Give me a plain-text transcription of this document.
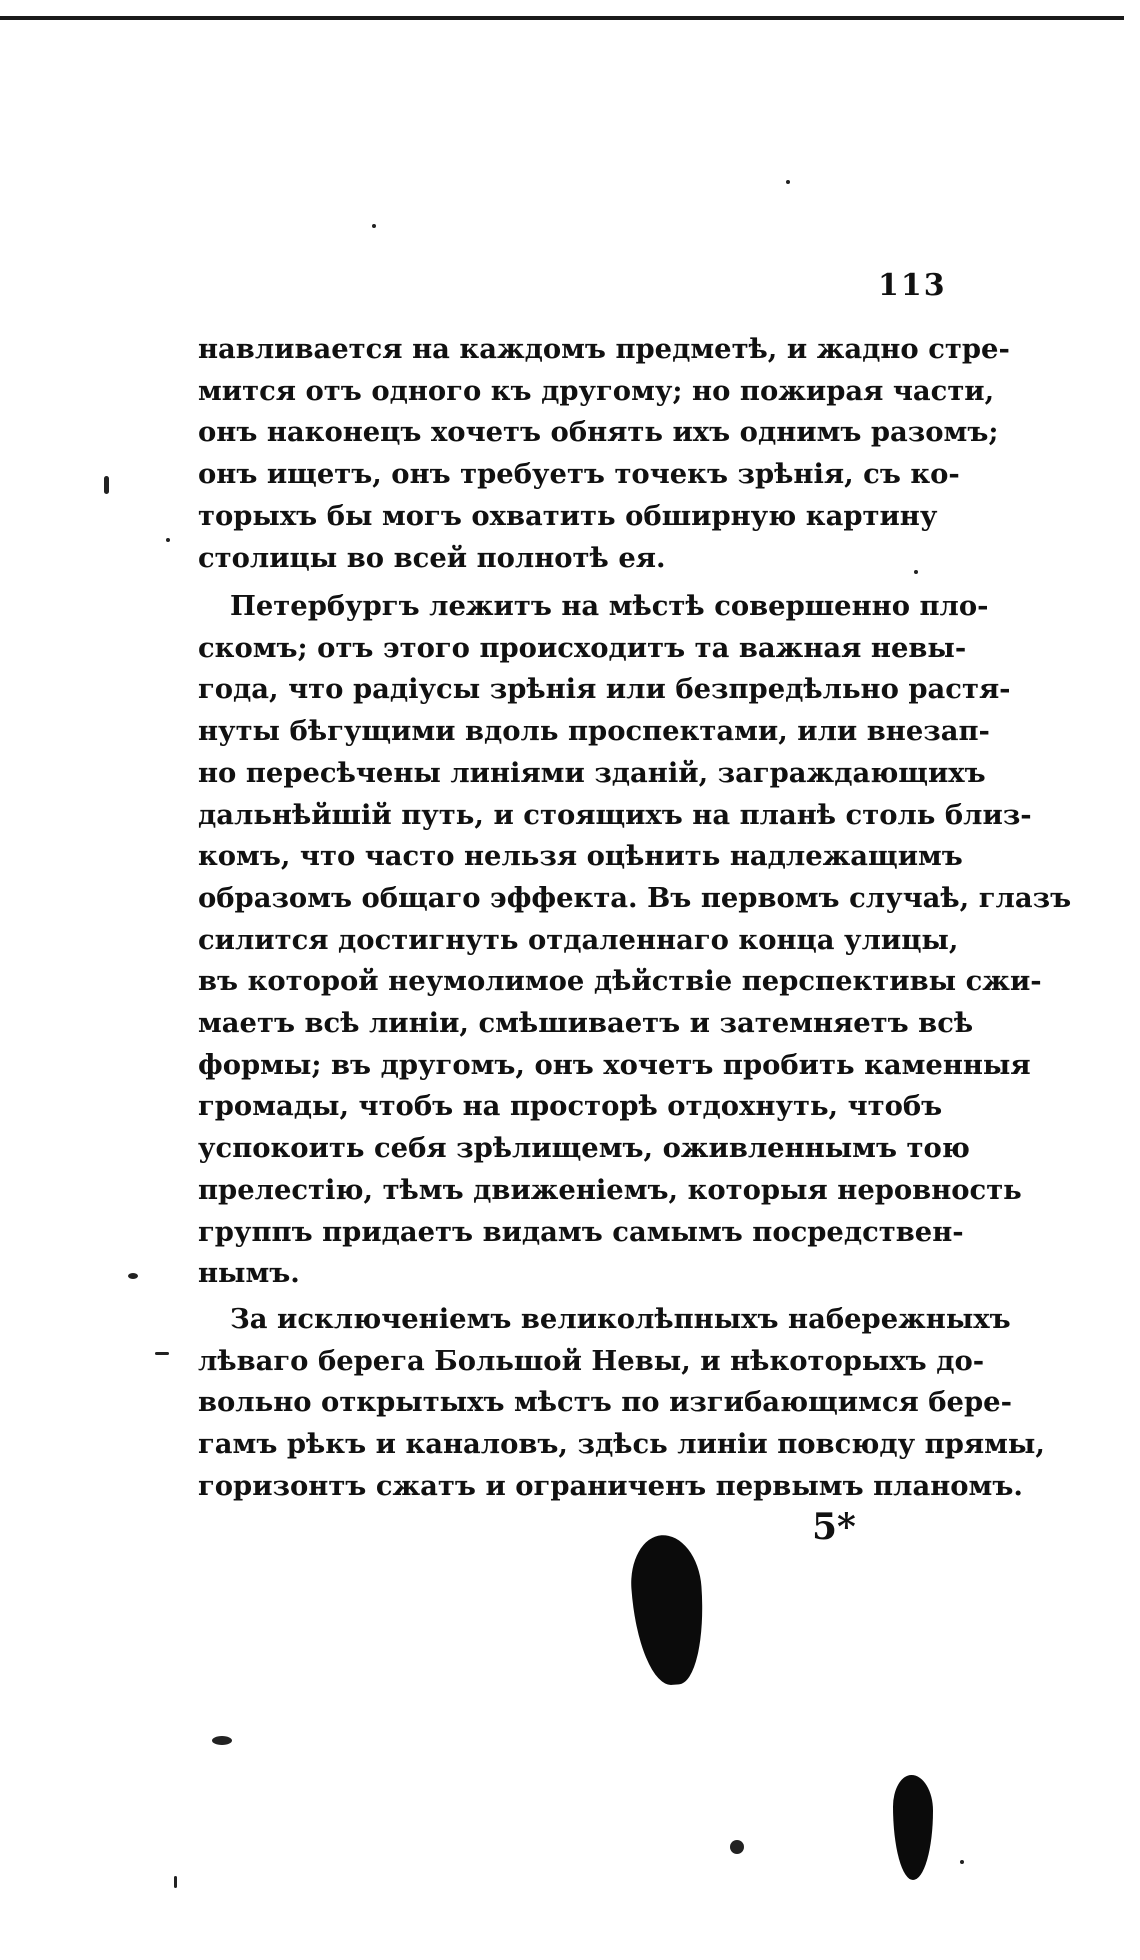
113
навливается на каждомъ предметѣ, и жадно стре-
мится отъ одного къ другому; но пожирая части,
онъ наконецъ хочетъ обнять ихъ однимъ разомъ;
онъ ищетъ, онъ требуетъ точекъ зрѣнія, съ ко-
торыхъ бы могъ охватить обширную картину
столицы во всей полнотѣ ея.
Петербургъ лежитъ на мѣстѣ совершенно пло-
скомъ; отъ этого происходитъ та важная невы-
года, что радіусы зрѣнія или безпредѣльно растя-
нуты бѣгущими вдоль проспектами, или внезап-
но пересѣчены линіями зданій, заграждающихъ
дальнѣйшій путь, и стоящихъ на планѣ столь близ-
комъ, что часто нельзя оцѣнить надлежащимъ
образомъ общаго эффекта. Въ первомъ случаѣ, глазъ
силится достигнуть отдаленнаго конца улицы,
въ которой неумолимое дѣйствіе перспективы сжи-
маетъ всѣ линіи, смѣшиваетъ и затемняетъ всѣ
формы; въ другомъ, онъ хочетъ пробить каменныя
громады, чтобъ на просторѣ отдохнуть, чтобъ
успокоить себя зрѣлищемъ, оживленнымъ тою
прелестію, тѣмъ движеніемъ, которыя неровность
группъ придаетъ видамъ самымъ посредствен-
нымъ.
За исключеніемъ великолѣпныхъ набережныхъ
лѣваго берега Большой Невы, и нѣкоторыхъ до-
вольно открытыхъ мѣстъ по изгибающимся бере-
гамъ рѣкъ и каналовъ, здѣсь линіи повсюду прямы,
горизонтъ сжатъ и ограниченъ первымъ планомъ.
5*
